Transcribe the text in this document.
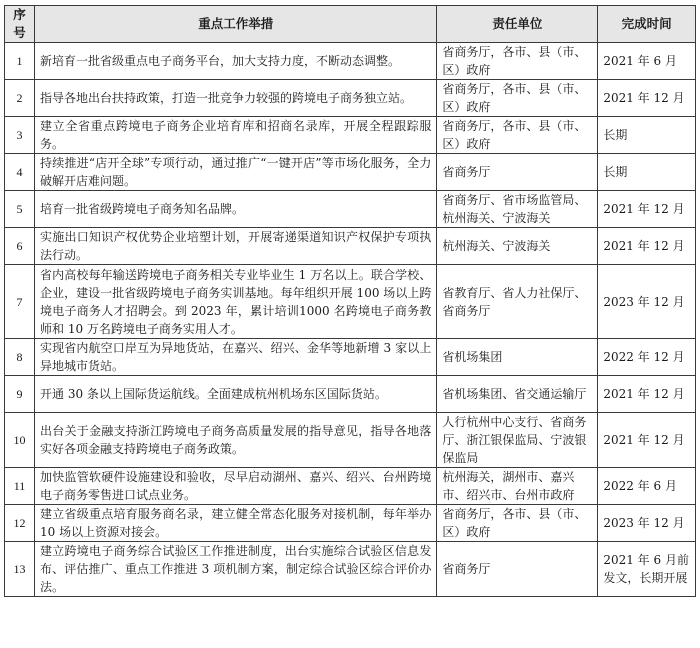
序号	重点工作举措	责任单位	完成时间
1	新培育一批省级重点电子商务平台，加大支持力度，不断动态调整。	省商务厅，各市、县（市、区）政府	2021 年 6 月
2	指导各地出台扶持政策，打造一批竞争力较强的跨境电子商务独立站。	省商务厅，各市、县（市、区）政府	2021 年 12 月
3	建立全省重点跨境电子商务企业培育库和招商名录库，开展全程跟踪服务。	省商务厅，各市、县（市、区）政府	长期
4	持续推进“店开全球”专项行动，通过推广“一键开店”等市场化服务，全力破解开店难问题。	省商务厅	长期
5	培育一批省级跨境电子商务知名品牌。	省商务厅、省市场监管局、杭州海关、宁波海关	2021 年 12 月
6	实施出口知识产权优势企业培塑计划，开展寄递渠道知识产权保护专项执法行动。	杭州海关、宁波海关	2021 年 12 月
7	省内高校每年输送跨境电子商务相关专业毕业生 1 万名以上。联合学校、企业，建设一批省级跨境电子商务实训基地。每年组织开展 100 场以上跨境电子商务人才招聘会。到 2023 年，累计培训1000 名跨境电子商务教师和 10 万名跨境电子商务实用人才。	省教育厅、省人力社保厅、省商务厅	2023 年 12 月
8	实现省内航空口岸互为异地货站，在嘉兴、绍兴、金华等地新增 3 家以上异地城市货站。	省机场集团	2022 年 12 月
9	开通 30 条以上国际货运航线。全面建成杭州机场东区国际货站。	省机场集团、省交通运输厅	2021 年 12 月
10	出台关于金融支持浙江跨境电子商务高质量发展的指导意见，指导各地落实好各项金融支持跨境电子商务政策。	人行杭州中心支行、省商务厅、浙江银保监局、宁波银保监局	2021 年 12 月
11	加快监管软硬件设施建设和验收，尽早启动湖州、嘉兴、绍兴、台州跨境电子商务零售进口试点业务。	杭州海关，湖州市、嘉兴市、绍兴市、台州市政府	2022 年 6 月
12	建立省级重点培育服务商名录，建立健全常态化服务对接机制，每年举办 10 场以上资源对接会。	省商务厅，各市、县（市、区）政府	2023 年 12 月
13	建立跨境电子商务综合试验区工作推进制度，出台实施综合试验区信息发布、评估推广、重点工作推进 3 项机制方案，制定综合试验区综合评价办法。	省商务厅	2021 年 6 月前发文，长期开展
